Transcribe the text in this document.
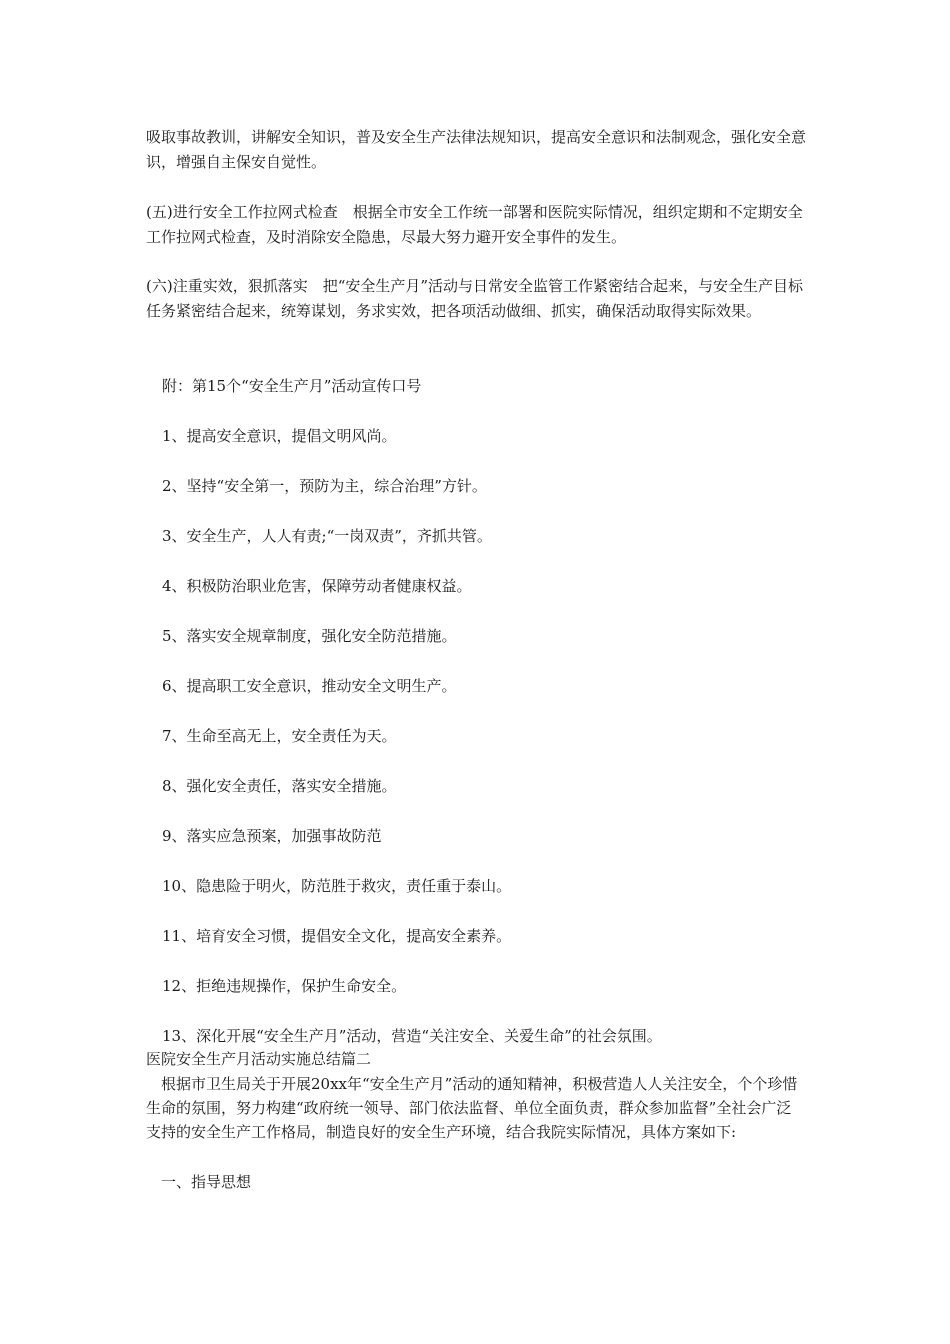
吸取事故教训，讲解安全知识，普及安全生产法律法规知识，提高安全意识和法制观念，强化安全意识，增强自主保安自觉性。

(五)进行安全工作拉网式检查　根据全市安全工作统一部署和医院实际情况，组织定期和不定期安全工作拉网式检查，及时消除安全隐患，尽最大努力避开安全事件的发生。

(六)注重实效，狠抓落实　把“安全生产月”活动与日常安全监管工作紧密结合起来，与安全生产目标任务紧密结合起来，统筹谋划，务求实效，把各项活动做细、抓实，确保活动取得实际效果。

附：第15个“安全生产月”活动宣传口号

1、提高安全意识，提倡文明风尚。

2、坚持“安全第一，预防为主，综合治理”方针。

3、安全生产，人人有责;“一岗双责”，齐抓共管。

4、积极防治职业危害，保障劳动者健康权益。

5、落实安全规章制度，强化安全防范措施。

6、提高职工安全意识，推动安全文明生产。

7、生命至高无上，安全责任为天。

8、强化安全责任，落实安全措施。

9、落实应急预案，加强事故防范

10、隐患险于明火，防范胜于救灾，责任重于泰山。

11、培育安全习惯，提倡安全文化，提高安全素养。

12、拒绝违规操作，保护生命安全。

13、深化开展“安全生产月”活动，营造“关注安全、关爱生命”的社会氛围。

医院安全生产月活动实施总结篇二

　根据市卫生局关于开展20xx年“安全生产月”活动的通知精神，积极营造人人关注安全，个个珍惜生命的氛围，努力构建“政府统一领导、部门依法监督、单位全面负责，群众参加监督”全社会广泛支持的安全生产工作格局，制造良好的安全生产环境，结合我院实际情况，具体方案如下:

　一、指导思想
